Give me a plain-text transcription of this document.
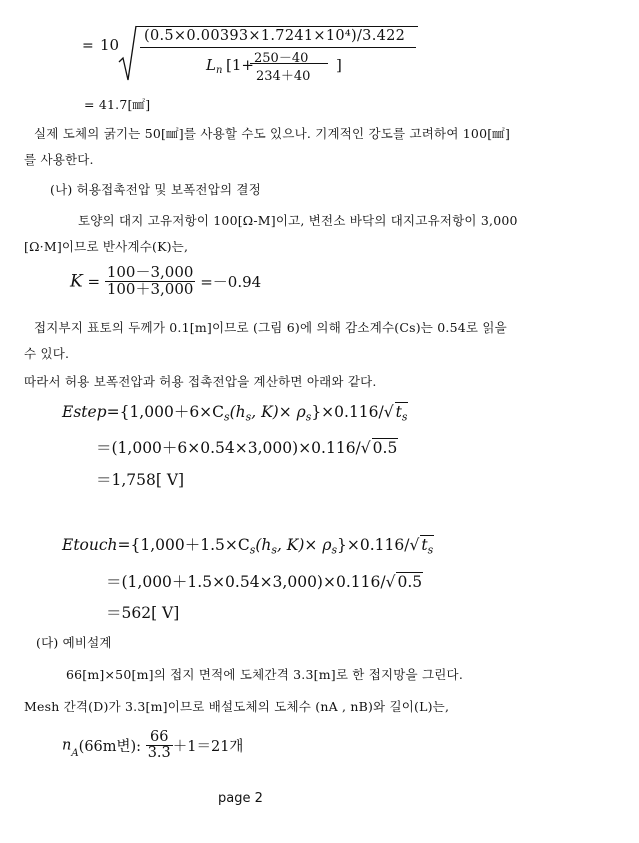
= 10 (0.5×0.00393×1.7241×10⁴)/3.422
L n [1+ 250－40
234＋40
]
= 41.7[㎟]
실제 도체의 굵기는 50[㎟]를 사용할 수도 있으나. 기계적인 강도를 고려하여 100[㎟]
를 사용한다.
(나) 허용접촉전압 및 보폭전압의 결정
토양의 대지 고유저항이 100[Ω-M]이고, 변전소 바닥의 대지고유저항이 3,000
[Ω·M]이므로 반사계수(K)는,
$K = \frac{100-3,000}{100+3,000} =-0.94$
접지부지 표토의 두께가 0.1[m]이므로 (그림 6)에 의해 감소계수(Cs)는 0.54로 읽을
수 있다.
따라서 허용 보폭전압과 허용 접촉전압을 계산하면 아래와 같다.
$Estep=\{1,000+6\times C_s(h_s$, $K)\times \rho_s\}\times 0.116/√$ $t_s$
＝(1,000＋6×0.54×3,000)×0.116/√ 0.5
＝1,758[ V]
$Etouch=\{1,000+1.5\times C_s(h_s$, $K)\times \rho_s\}\times 0.116/√$ $t_s$
＝(1,000＋1.5×0.54×3,000)×0.116/√ 0.5
＝562[ V]
(다) 예비설계
66[m]×50[m]의 접지 면적에 도체간격 3.3[m]로 한 접지망을 그린다.
Mesh 간격(D)가 3.3[m]이므로 배설도체의 도체수 (nA , nB)와 길이(L)는,
$n_A(66m$변): $\frac{66}{3.3} +1=21$개
page 2
